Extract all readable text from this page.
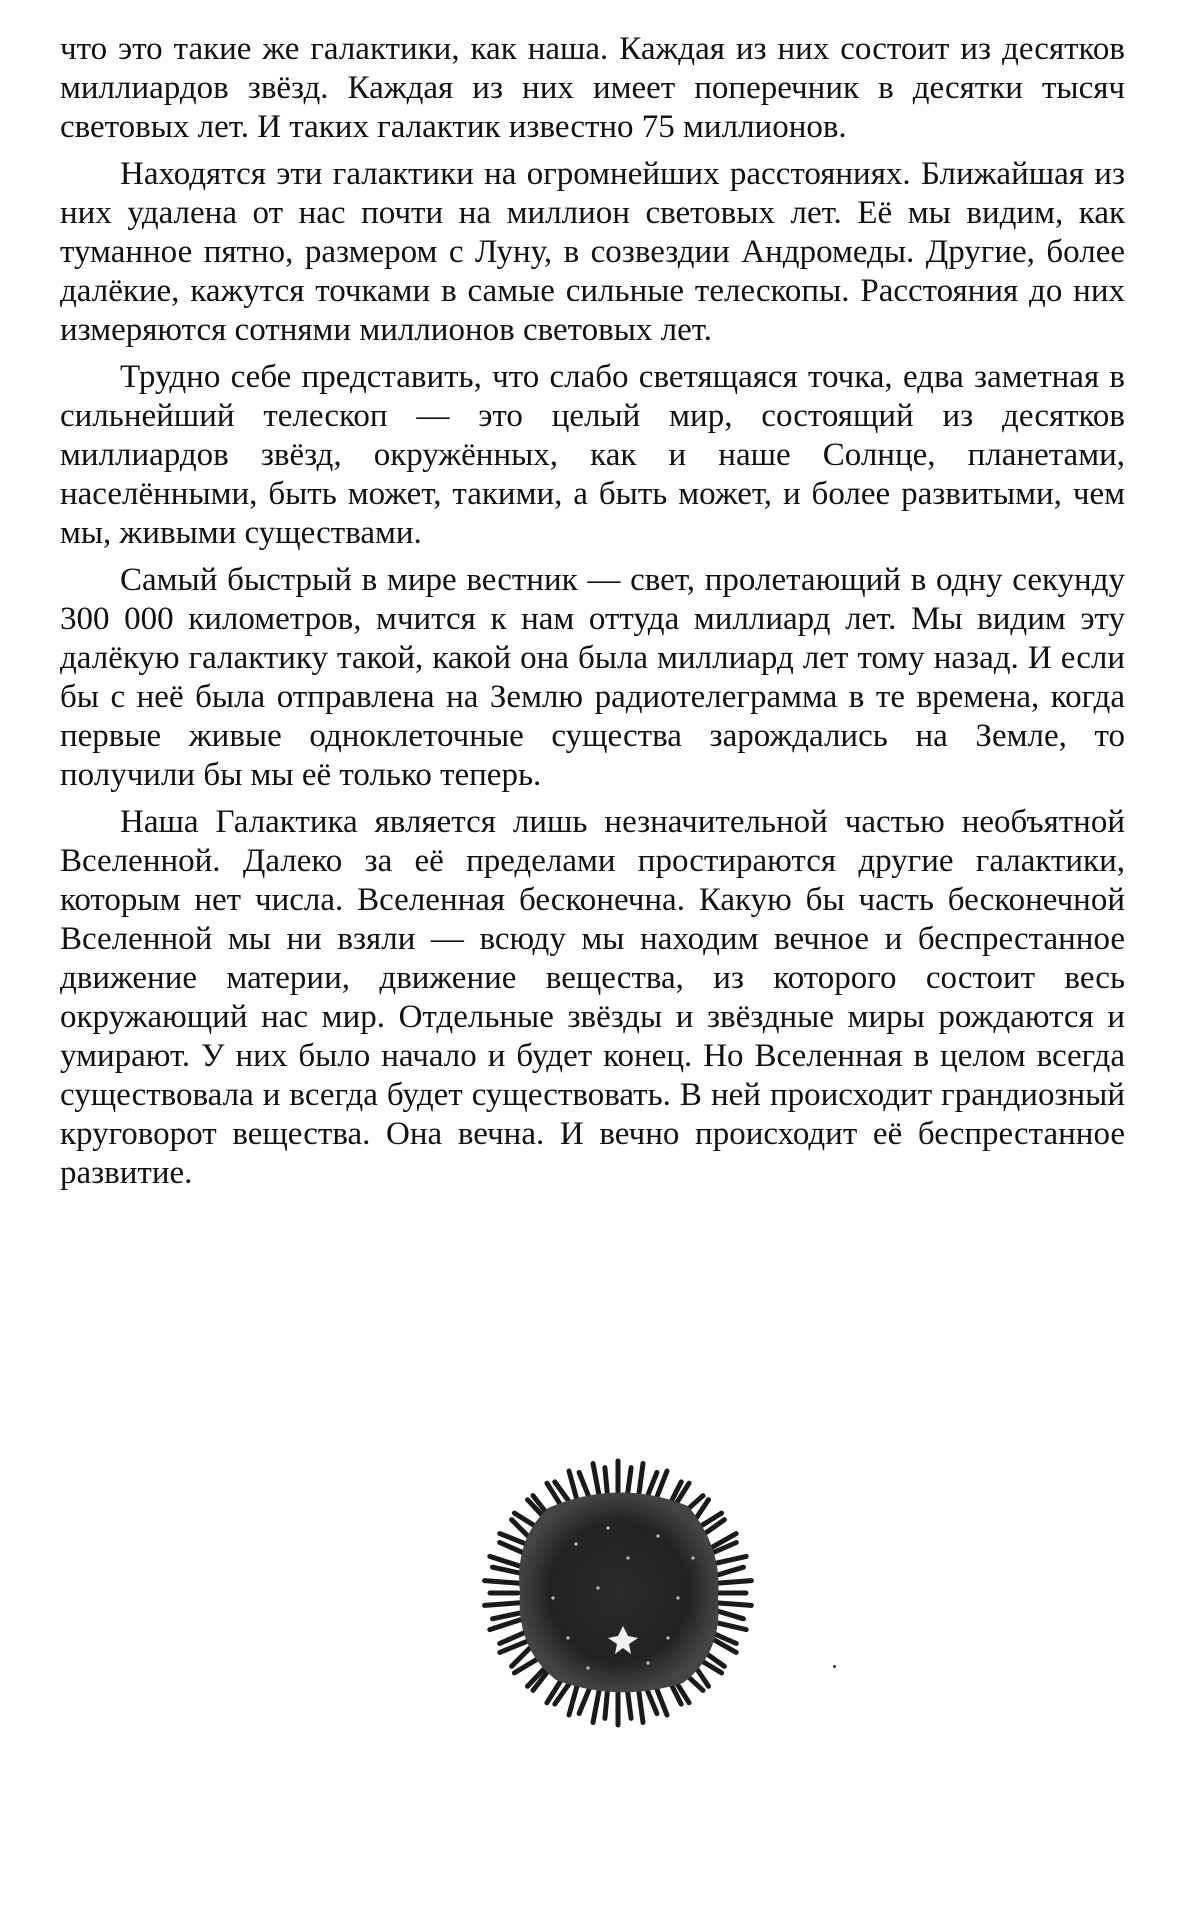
что это такие же галактики, как наша. Каждая из них состоит из десятков миллиардов звёзд. Каждая из них имеет поперечник в десятки тысяч световых лет. И таких галактик известно 75 миллионов.

Находятся эти галактики на огромнейших расстояниях. Ближайшая из них удалена от нас почти на миллион световых лет. Её мы видим, как туманное пятно, размером с Луну, в созвездии Андромеды. Другие, более далёкие, кажутся точками в самые сильные телескопы. Расстояния до них измеряются сотнями миллионов световых лет.

Трудно себе представить, что слабо светящаяся точка, едва заметная в сильнейший телескоп — это целый мир, состоящий из десятков миллиардов звёзд, окружённых, как и наше Солнце, планетами, населёнными, быть может, такими, а быть может, и более развитыми, чем мы, живыми существами.

Самый быстрый в мире вестник — свет, пролетающий в одну секунду 300 000 километров, мчится к нам оттуда миллиард лет. Мы видим эту далёкую галактику такой, какой она была миллиард лет тому назад. И если бы с неё была отправлена на Землю радиотелеграмма в те времена, когда первые живые одноклеточные существа зарождались на Земле, то получили бы мы её только теперь.

Наша Галактика является лишь незначительной частью необъятной Вселенной. Далеко за её пределами простираются другие галактики, которым нет числа. Вселенная бесконечна. Какую бы часть бесконечной Вселенной мы ни взяли — всюду мы находим вечное и беспрестанное движение материи, движение вещества, из которого состоит весь окружающий нас мир. Отдельные звёзды и звёздные миры рождаются и умирают. У них было начало и будет конец. Но Вселенная в целом всегда существовала и всегда будет существовать. В ней происходит грандиозный круговорот вещества. Она вечна. И вечно происходит её беспрестанное развитие.
